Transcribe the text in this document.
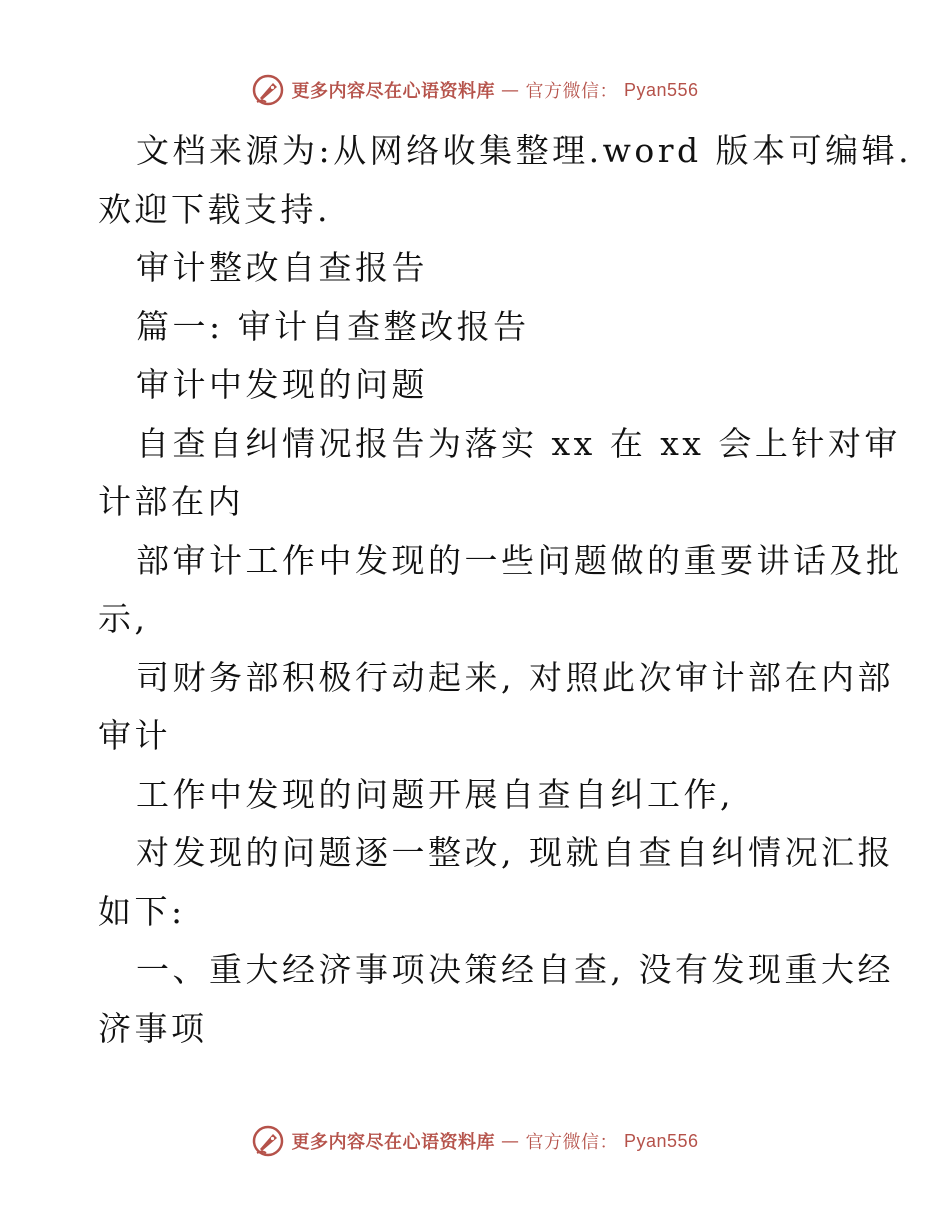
更多内容尽在心语资料库 — 官方微信： Pyan556
文档来源为:从网络收集整理.word 版本可编辑.
欢迎下载支持.
审计整改自查报告
篇一: 审计自查整改报告
审计中发现的问题
自查自纠情况报告为落实 xx 在 xx 会上针对审
计部在内
部审计工作中发现的一些问题做的重要讲话及批
示,
司财务部积极行动起来, 对照此次审计部在内部
审计
工作中发现的问题开展自查自纠工作,
对发现的问题逐一整改, 现就自查自纠情况汇报
如下:
一、重大经济事项决策经自查, 没有发现重大经
济事项
更多内容尽在心语资料库 — 官方微信： Pyan556
